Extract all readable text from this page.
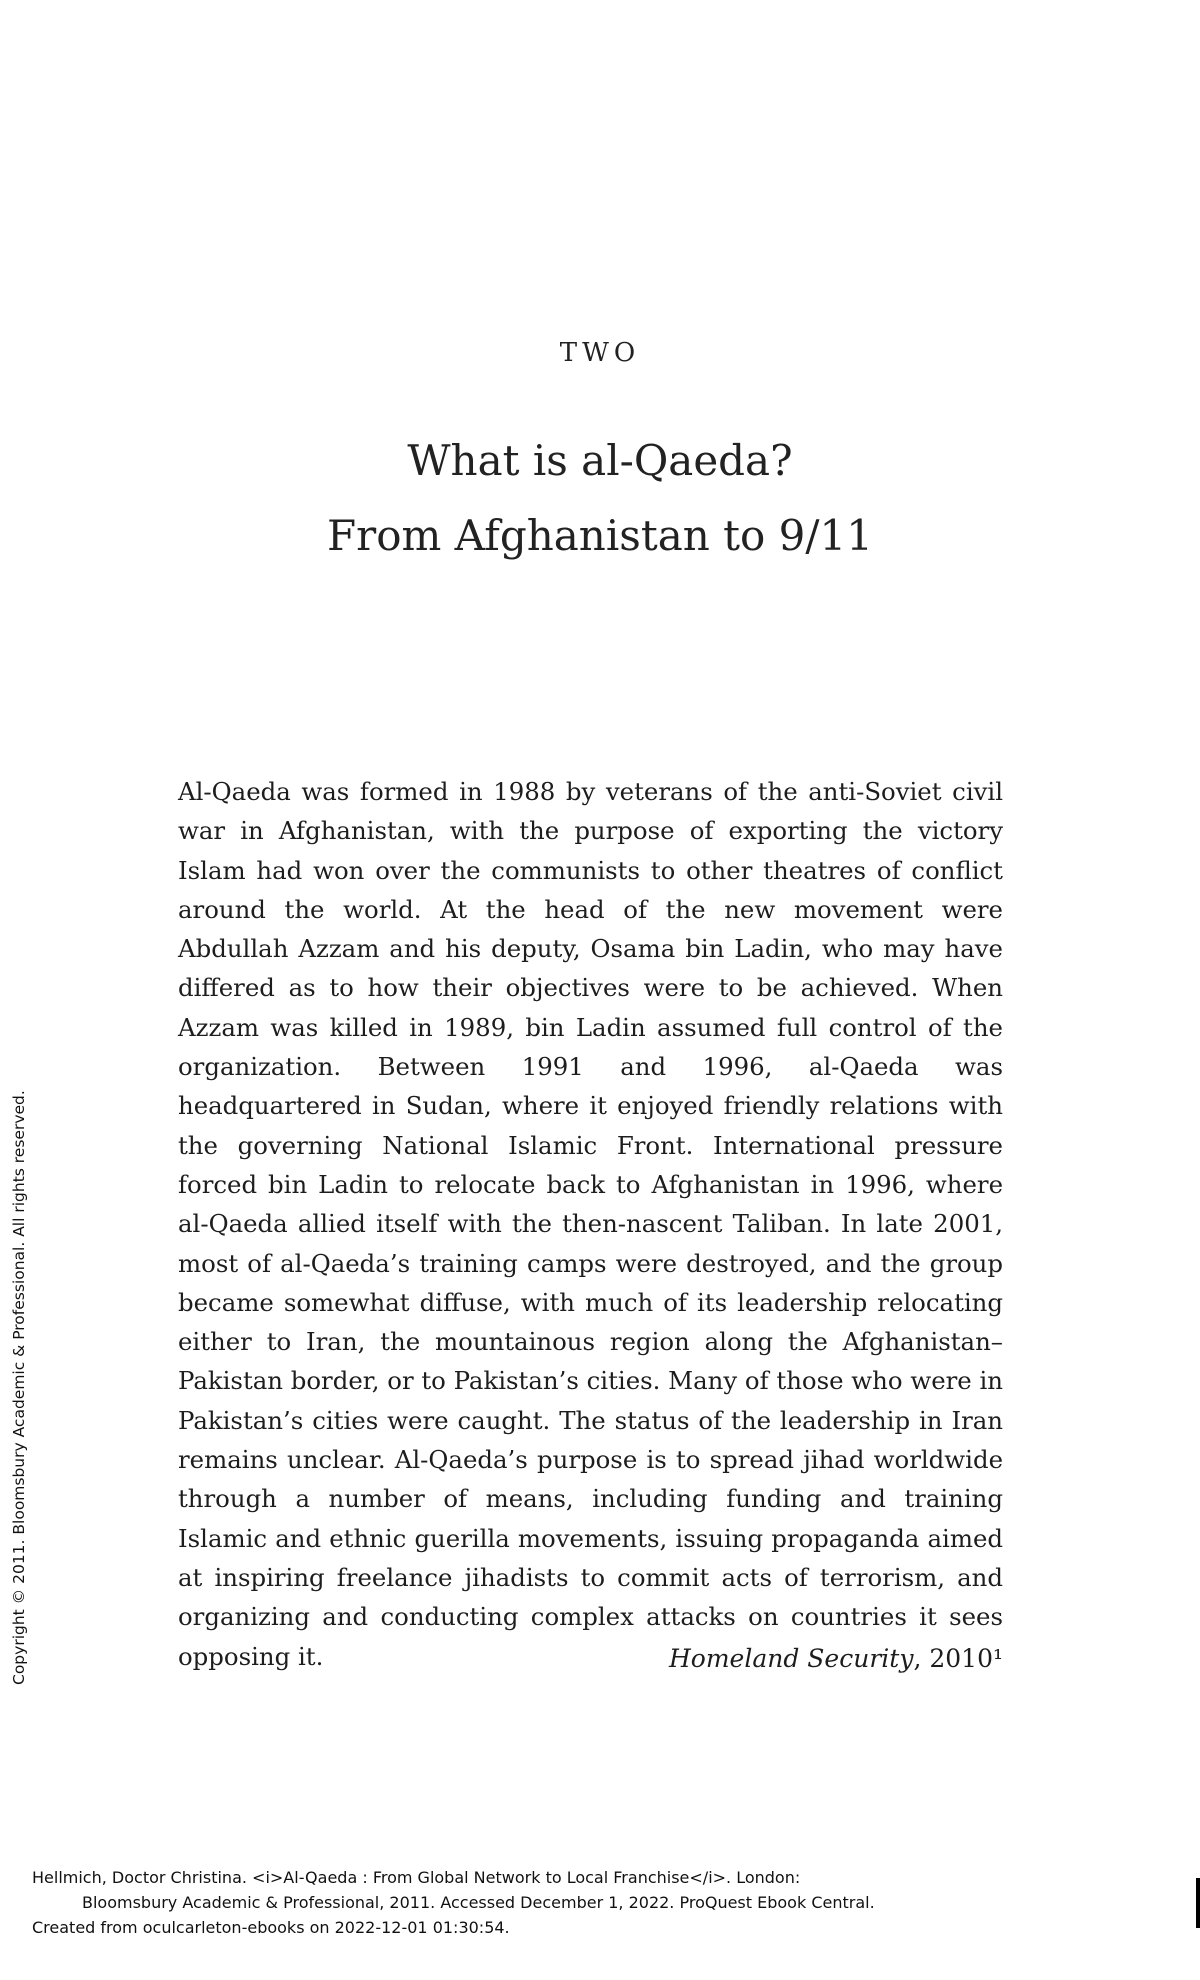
TWO
What is al-Qaeda?
From Afghanistan to 9/11

Al-Qaeda was formed in 1988 by veterans of the anti-Soviet civil war in Afghanistan, with the purpose of exporting the victory Islam had won over the communists to other theatres of conflict around the world. At the head of the new movement were Abdullah Azzam and his deputy, Osama bin Ladin, who may have differed as to how their objectives were to be achieved. When Azzam was killed in 1989, bin Ladin assumed full control of the organization. Between 1991 and 1996, al-Qaeda was headquartered in Sudan, where it enjoyed friendly relations with the governing National Islamic Front. International pressure forced bin Ladin to relocate back to Afghanistan in 1996, where al-Qaeda allied itself with the then-nascent Taliban. In late 2001, most of al-Qaeda’s training camps were destroyed, and the group became somewhat diffuse, with much of its leadership relocating either to Iran, the mountainous region along the Afghanistan–Pakistan border, or to Pakistan’s cities. Many of those who were in Pakistan’s cities were caught. The status of the leadership in Iran remains unclear. Al-Qaeda’s purpose is to spread jihad worldwide through a number of means, including funding and training Islamic and ethnic guerilla movements, issuing propaganda aimed at inspiring freelance jihadists to commit acts of terrorism, and organizing and conducting complex attacks on countries it sees opposing it.	Homeland Security, 2010¹
Copyright © 2011. Bloomsbury Academic & Professional. All rights reserved.
Hellmich, Doctor Christina. <i>Al-Qaeda : From Global Network to Local Franchise</i>. London:
Bloomsbury Academic & Professional, 2011. Accessed December 1, 2022. ProQuest Ebook Central.
Created from oculcarleton-ebooks on 2022-12-01 01:30:54.
